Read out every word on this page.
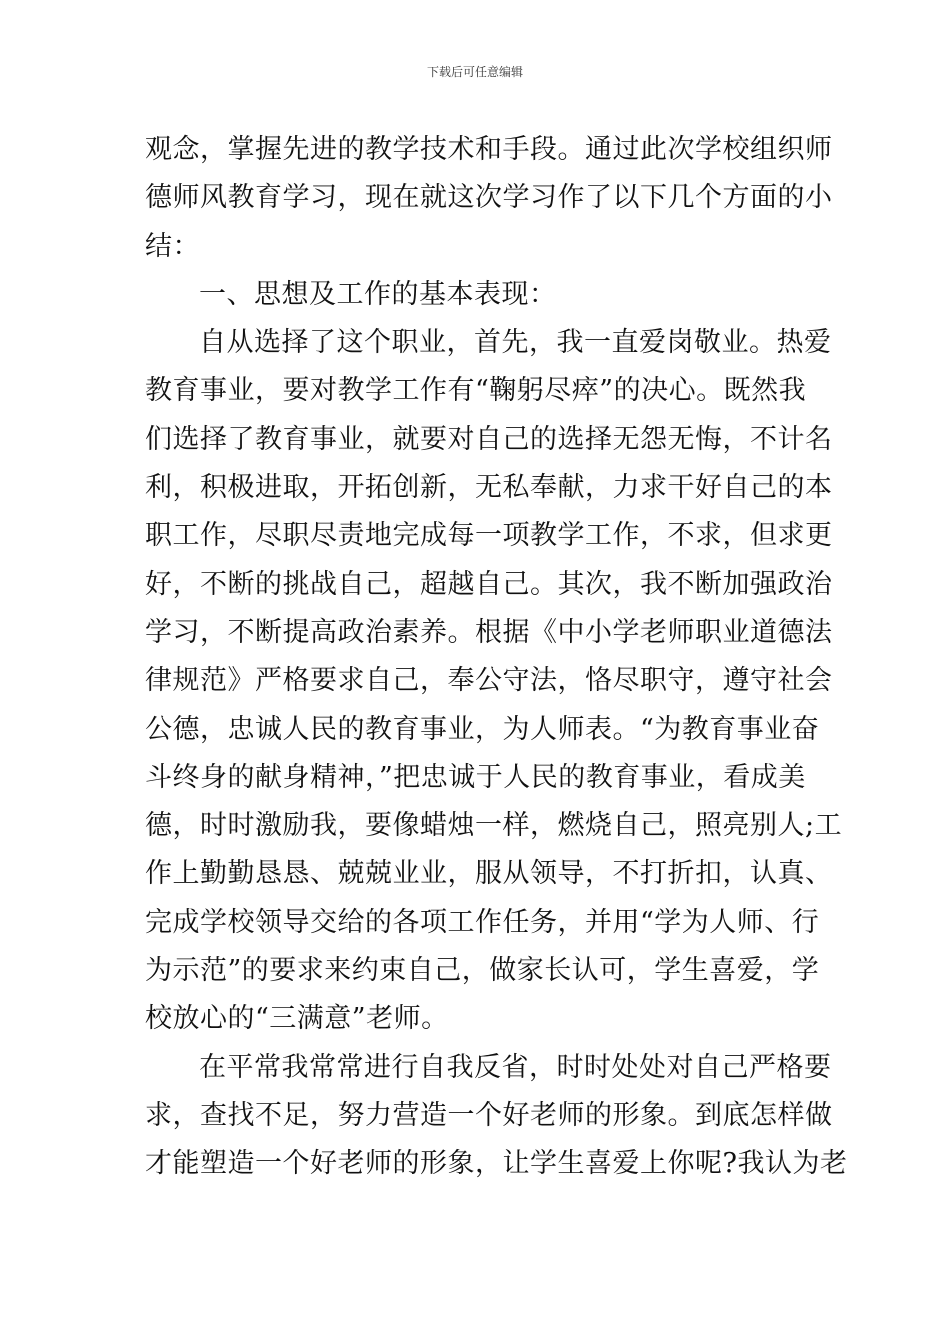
下载后可任意编辑
观念，掌握先进的教学技术和手段。通过此次学校组织师
德师风教育学习，现在就这次学习作了以下几个方面的小
结：
一、思想及工作的基本表现：
自从选择了这个职业，首先，我一直爱岗敬业。热爱
教育事业，要对教学工作有“鞠躬尽瘁”的决心。既然我
们选择了教育事业，就要对自己的选择无怨无悔，不计名
利，积极进取，开拓创新，无私奉献，力求干好自己的本
职工作，尽职尽责地完成每一项教学工作，不求，但求更
好，不断的挑战自己，超越自己。其次，我不断加强政治
学习，不断提高政治素养。根据《中小学老师职业道德法
律规范》严格要求自己，奉公守法，恪尽职守，遵守社会
公德，忠诚人民的教育事业，为人师表。“为教育事业奋
斗终身的献身精神，”把忠诚于人民的教育事业，看成美
德，时时激励我，要像蜡烛一样，燃烧自己，照亮别人;工
作上勤勤恳恳、兢兢业业，服从领导，不打折扣，认真、
完成学校领导交给的各项工作任务，并用“学为人师、行
为示范”的要求来约束自己，做家长认可，学生喜爱，学
校放心的“三满意”老师。
在平常我常常进行自我反省，时时处处对自己严格要
求，查找不足，努力营造一个好老师的形象。到底怎样做
才能塑造一个好老师的形象，让学生喜爱上你呢?我认为老
